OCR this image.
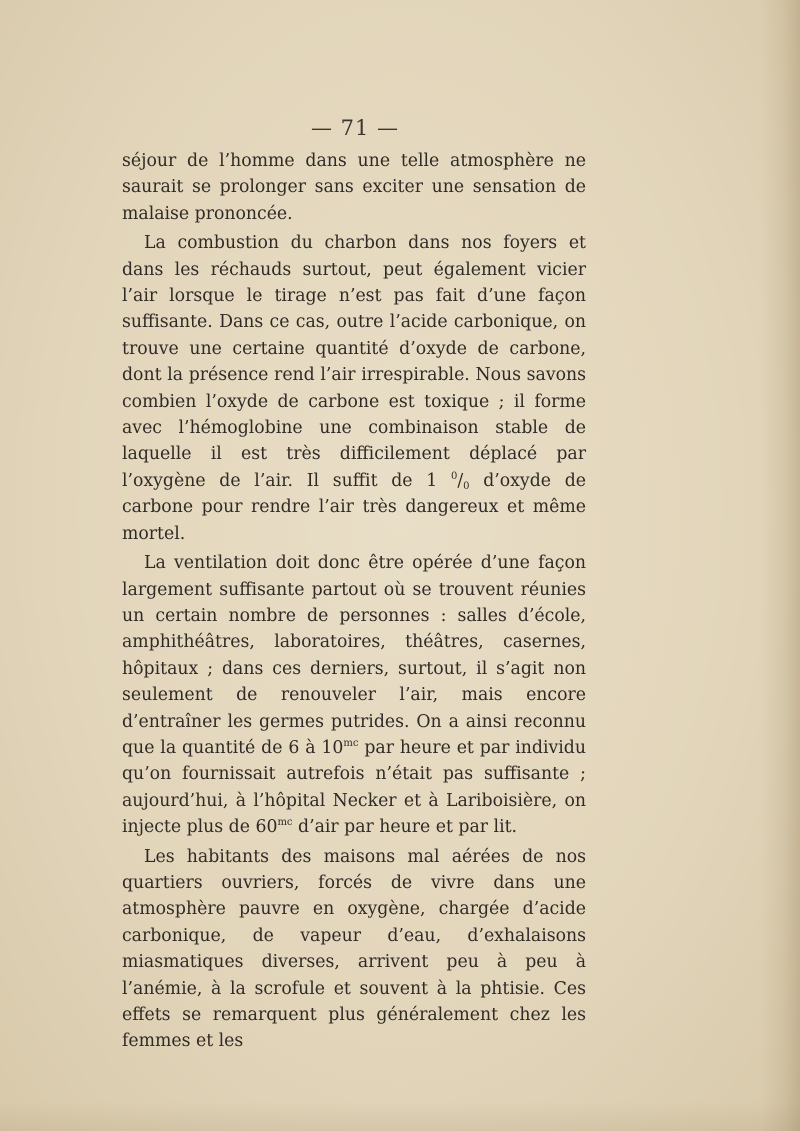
— 71 —

séjour de l’homme dans une telle atmosphère ne saurait se prolonger sans exciter une sensation de malaise prononcée.

La combustion du charbon dans nos foyers et dans les réchauds surtout, peut également vicier l’air lorsque le tirage n’est pas fait d’une façon suffisante. Dans ce cas, outre l’acide carbonique, on trouve une certaine quantité d’oxyde de carbone, dont la présence rend l’air irrespirable. Nous savons combien l’oxyde de carbone est toxique ; il forme avec l’hémoglobine une combinaison stable de laquelle il est très difficilement déplacé par l’oxygène de l’air. Il suffit de 1 $^0/_0$ d’oxyde de carbone pour rendre l’air très dangereux et même mortel.

La ventilation doit donc être opérée d’une façon largement suffisante partout où se trouvent réunies un certain nombre de personnes : salles d’école, amphithéâtres, laboratoires, théâtres, casernes, hôpitaux ; dans ces derniers, surtout, il s’agit non seulement de renouveler l’air, mais encore d’entraîner les germes putrides. On a ainsi reconnu que la quantité de 6 à $10^{mc}$ par heure et par individu qu’on fournissait autrefois n’était pas suffisante ; aujourd’hui, à l’hôpital Necker et à Lariboisière, on injecte plus de $60^{mc}$ d’air par heure et par lit.

Les habitants des maisons mal aérées de nos quartiers ouvriers, forcés de vivre dans une atmosphère pauvre en oxygène, chargée d’acide carbonique, de vapeur d’eau, d’exhalaisons miasmatiques diverses, arrivent peu à peu à l’anémie, à la scrofule et souvent à la phtisie. Ces effets se remarquent plus généralement chez les femmes et les
